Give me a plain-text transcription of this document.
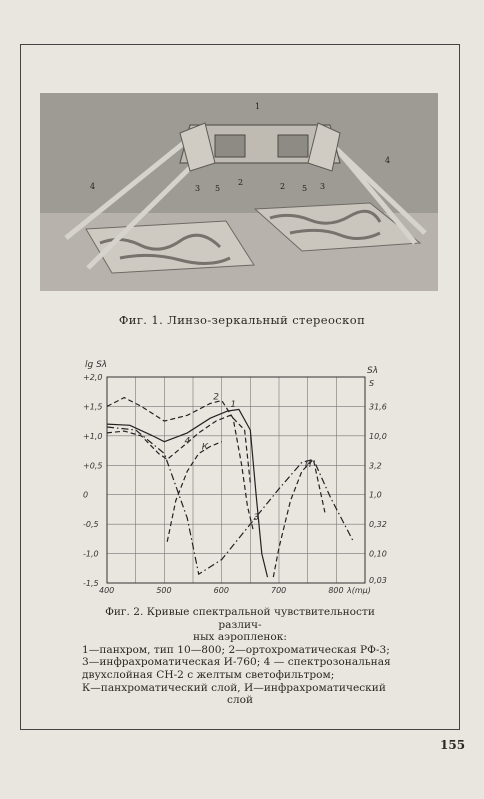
1
2	2
3	3
4
4
5	5
Фиг. 1. Линзо-зеркальный стереоскоп
400	500	600	700	800
+2,0
+1,5
+1,0
+0,5
0
-0,5
-1,0
-1,5
S
31,6
10,0
3,2
1,0
0,32
0,10
0,03
lg Sλ
Sλ
λ(mμ)
1
2
3
4
К
И
Фиг. 2. Кривые спектральной чувствительности различ-
ных аэропленок:
1—панхром, тип 10—800; 2—ортохроматическая РФ-3;
3—инфрахроматическая И-760; 4 — спектрозональная
двухслойная СН-2 с желтым светофильтром;
К—панхроматический слой, И—инфрахроматический
слой
155
